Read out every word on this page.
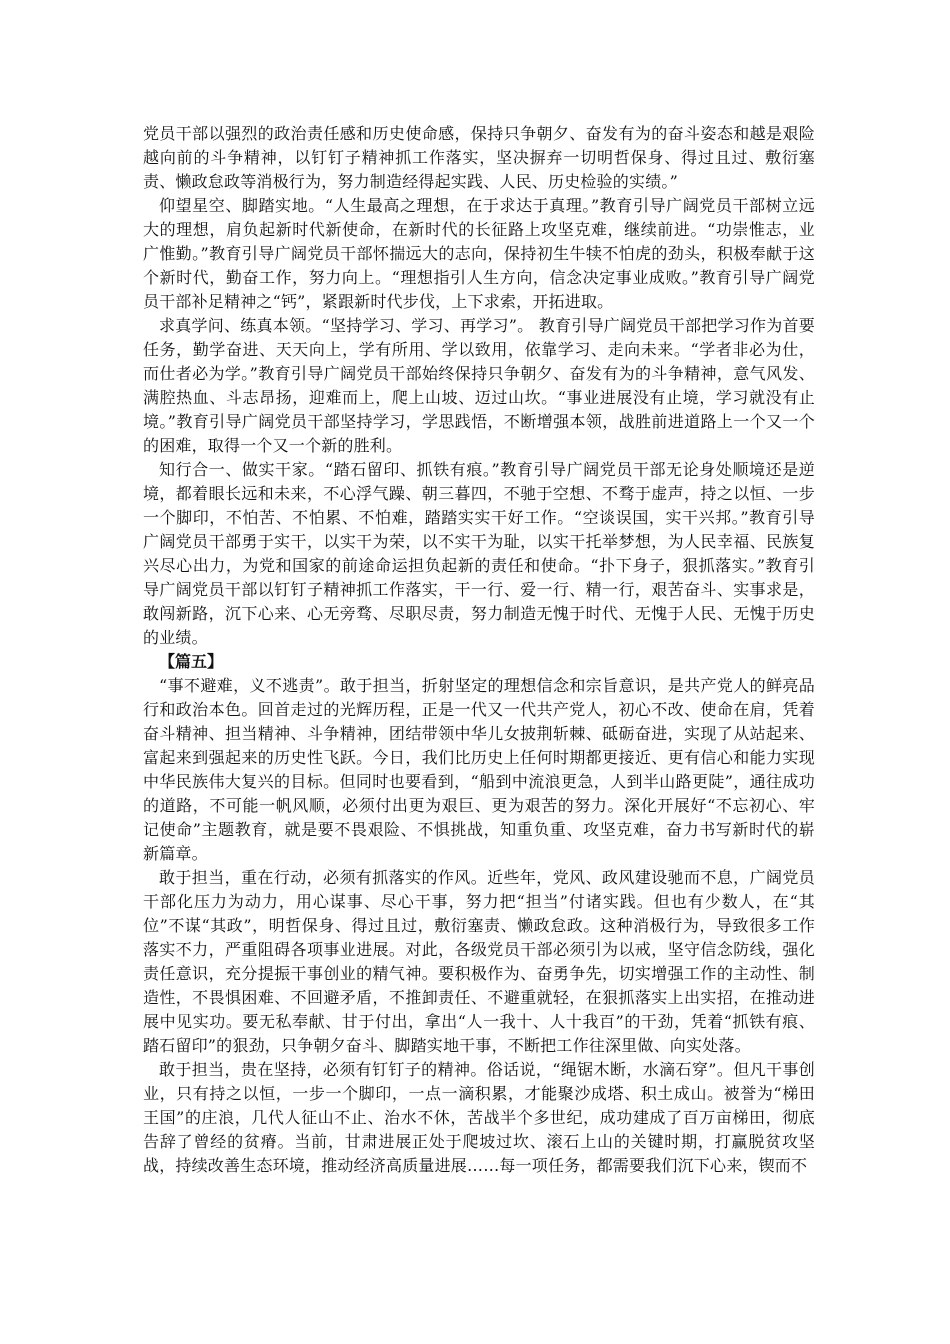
党员干部以强烈的政治责任感和历史使命感，保持只争朝夕、奋发有为的奋斗姿态和越是艰险越向前的斗争精神，以钉钉子精神抓工作落实，坚决摒弃一切明哲保身、得过且过、敷衍塞责、懒政怠政等消极行为，努力制造经得起实践、人民、历史检验的实绩。”

仰望星空、脚踏实地。“人生最高之理想，在于求达于真理。”教育引导广阔党员干部树立远大的理想，肩负起新时代新使命，在新时代的长征路上攻坚克难，继续前进。“功崇惟志，业广惟勤。”教育引导广阔党员干部怀揣远大的志向，保持初生牛犊不怕虎的劲头，积极奉献于这个新时代，勤奋工作，努力向上。“理想指引人生方向，信念决定事业成败。”教育引导广阔党员干部补足精神之“钙”，紧跟新时代步伐，上下求索，开拓进取。

求真学问、练真本领。“坚持学习、学习、再学习”。 教育引导广阔党员干部把学习作为首要任务，勤学奋进、天天向上，学有所用、学以致用，依靠学习、走向未来。“学者非必为仕，而仕者必为学。”教育引导广阔党员干部始终保持只争朝夕、奋发有为的斗争精神，意气风发、满腔热血、斗志昂扬，迎难而上，爬上山坡、迈过山坎。“事业进展没有止境，学习就没有止境。”教育引导广阔党员干部坚持学习，学思践悟，不断增强本领，战胜前进道路上一个又一个的困难，取得一个又一个新的胜利。

知行合一、做实干家。“踏石留印、抓铁有痕。”教育引导广阔党员干部无论身处顺境还是逆境，都着眼长远和未来，不心浮气躁、朝三暮四，不驰于空想、不骛于虚声，持之以恒、一步一个脚印，不怕苦、不怕累、不怕难，踏踏实实干好工作。“空谈误国，实干兴邦。”教育引导广阔党员干部勇于实干，以实干为荣，以不实干为耻，以实干托举梦想，为人民幸福、民族复兴尽心出力，为党和国家的前途命运担负起新的责任和使命。“扑下身子，狠抓落实。”教育引导广阔党员干部以钉钉子精神抓工作落实，干一行、爱一行、精一行，艰苦奋斗、实事求是，敢闯新路，沉下心来、心无旁骛、尽职尽责，努力制造无愧于时代、无愧于人民、无愧于历史的业绩。

【篇五】

“事不避难，义不逃责”。敢于担当，折射坚定的理想信念和宗旨意识，是共产党人的鲜亮品行和政治本色。回首走过的光辉历程，正是一代又一代共产党人，初心不改、使命在肩，凭着奋斗精神、担当精神、斗争精神，团结带领中华儿女披荆斩棘、砥砺奋进，实现了从站起来、富起来到强起来的历史性飞跃。今日，我们比历史上任何时期都更接近、更有信心和能力实现中华民族伟大复兴的目标。但同时也要看到，“船到中流浪更急，人到半山路更陡”，通往成功的道路，不可能一帆风顺，必须付出更为艰巨、更为艰苦的努力。深化开展好“不忘初心、牢记使命”主题教育，就是要不畏艰险、不惧挑战，知重负重、攻坚克难，奋力书写新时代的崭新篇章。

敢于担当，重在行动，必须有抓落实的作风。近些年，党风、政风建设驰而不息，广阔党员干部化压力为动力，用心谋事、尽心干事，努力把“担当”付诸实践。但也有少数人，在“其位”不谋“其政”，明哲保身、得过且过，敷衍塞责、懒政怠政。这种消极行为，导致很多工作落实不力，严重阻碍各项事业进展。对此，各级党员干部必须引为以戒，坚守信念防线，强化责任意识，充分提振干事创业的精气神。要积极作为、奋勇争先，切实增强工作的主动性、制造性，不畏惧困难、不回避矛盾，不推卸责任、不避重就轻，在狠抓落实上出实招，在推动进展中见实功。要无私奉献、甘于付出，拿出“人一我十、人十我百”的干劲，凭着“抓铁有痕、踏石留印”的狠劲，只争朝夕奋斗、脚踏实地干事，不断把工作往深里做、向实处落。

敢于担当，贵在坚持，必须有钉钉子的精神。俗话说，“绳锯木断，水滴石穿”。但凡干事创业，只有持之以恒，一步一个脚印，一点一滴积累，才能聚沙成塔、积土成山。被誉为“梯田王国”的庄浪，几代人征山不止、治水不休，苦战半个多世纪，成功建成了百万亩梯田，彻底告辞了曾经的贫瘠。当前，甘肃进展正处于爬坡过坎、滚石上山的关键时期，打赢脱贫攻坚战，持续改善生态环境，推动经济高质量进展……每一项任务，都需要我们沉下心来，锲而不
